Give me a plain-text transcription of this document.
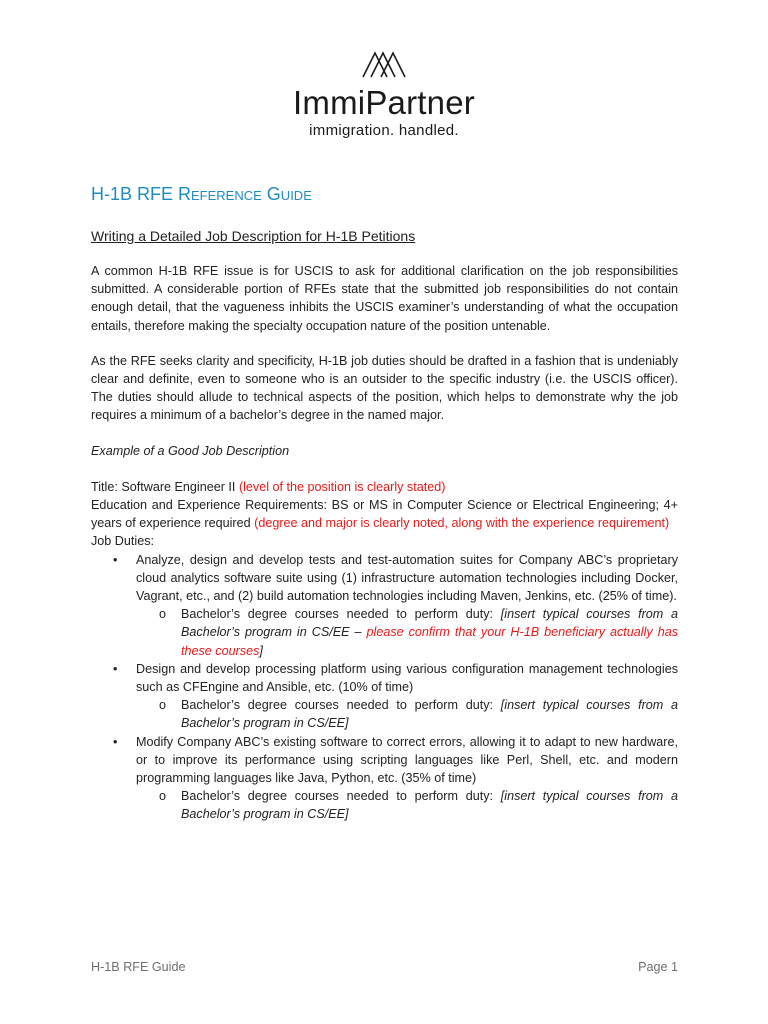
ImmiPartner
immigration. handled.
H-1B RFE Reference Guide
Writing a Detailed Job Description for H-1B Petitions

A common H-1B RFE issue is for USCIS to ask for additional clarification on the job responsibilities submitted. A considerable portion of RFEs state that the submitted job responsibilities do not contain enough detail, that the vagueness inhibits the USCIS examiner’s understanding of what the occupation entails, therefore making the specialty occupation nature of the position untenable.

As the RFE seeks clarity and specificity, H-1B job duties should be drafted in a fashion that is undeniably clear and definite, even to someone who is an outsider to the specific industry (i.e. the USCIS officer). The duties should allude to technical aspects of the position, which helps to demonstrate why the job requires a minimum of a bachelor’s degree in the named major.

Example of a Good Job Description
Title: Software Engineer II (level of the position is clearly stated)
Education and Experience Requirements: BS or MS in Computer Science or Electrical Engineering; 4+ years of experience required (degree and major is clearly noted, along with the experience requirement)
Job Duties:
• Analyze, design and develop tests and test-automation suites for Company ABC’s proprietary cloud analytics software suite using (1) infrastructure automation technologies including Docker, Vagrant, etc., and (2) build automation technologies including Maven, Jenkins, etc. (25% of time).
o Bachelor’s degree courses needed to perform duty: [insert typical courses from a Bachelor’s program in CS/EE – please confirm that your H-1B beneficiary actually has these courses]
• Design and develop processing platform using various configuration management technologies such as CFEngine and Ansible, etc. (10% of time)
o Bachelor’s degree courses needed to perform duty: [insert typical courses from a Bachelor’s program in CS/EE]
• Modify Company ABC’s existing software to correct errors, allowing it to adapt to new hardware, or to improve its performance using scripting languages like Perl, Shell, etc. and modern programming languages like Java, Python, etc. (35% of time)
o Bachelor’s degree courses needed to perform duty: [insert typical courses from a Bachelor’s program in CS/EE]
H-1B RFE Guide	Page 1
